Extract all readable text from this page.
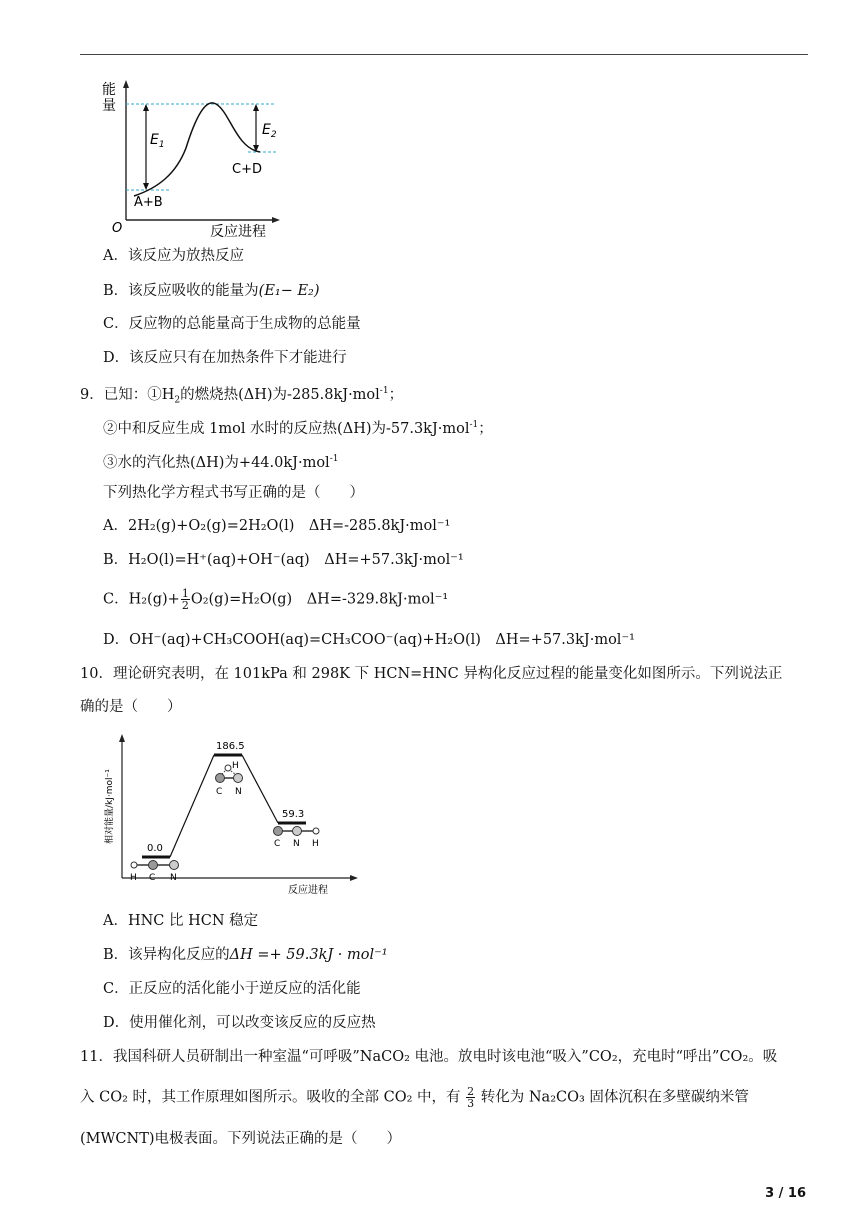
能
量
$E_1$
$E_2$
C+D
A+B
O	反应进程
A．该反应为放热反应
B．该反应吸收的能量为(E₁− E₂)
C．反应物的总能量高于生成物的总能量
D．该反应只有在加热条件下才能进行
9．已知：$①H_2$的燃烧热(ΔH)为-285.8kJ·mol$^{-1}$；
②中和反应生成 1mol 水时的反应热(ΔH)为-57.3kJ·mol$^{-1}$；
③水的汽化热(ΔH)为+44.0kJ·mol$^{-1}$
下列热化学方程式书写正确的是（　　）
A．2H₂(g)+O₂(g)=2H₂O(l)　ΔH=-285.8kJ·mol⁻¹
B．H₂O(l)=H⁺(aq)+OH⁻(aq)　ΔH=+57.3kJ·mol⁻¹
C．$H_2(g)+ \frac{1}{2} O_2(g)=H_2O(g)$　ΔH=-329.8kJ·mol⁻¹
D．OH⁻(aq)+CH₃COOH(aq)=CH₃COO⁻(aq)+H₂O(l)　ΔH=+57.3kJ·mol⁻¹
10．理论研究表明，在 101kPa 和 298K 下 HCN=HNC 异构化反应过程的能量变化如图所示。下列说法正
确的是（　　）
0.0
186.5
59.3
H C N
H
C N
C N H
相对能量/kJ·mol⁻¹
反应进程
A．HNC 比 HCN 稳定
B．该异构化反应的ΔH =+ 59.3kJ · mol⁻¹
C．正反应的活化能小于逆反应的活化能
D．使用催化剂，可以改变该反应的反应热
11．我国科研人员研制出一种室温“可呼吸”NaCO₂ 电池。放电时该电池“吸入”CO₂，充电时“呼出”CO₂。吸
入 CO₂ 时，其工作原理如图所示。吸收的全部 CO₂ 中，有 $\frac{2}{3}$ 转化为 Na₂CO₃ 固体沉积在多壁碳纳米管
(MWCNT)电极表面。下列说法正确的是（　　）
3 / 16
